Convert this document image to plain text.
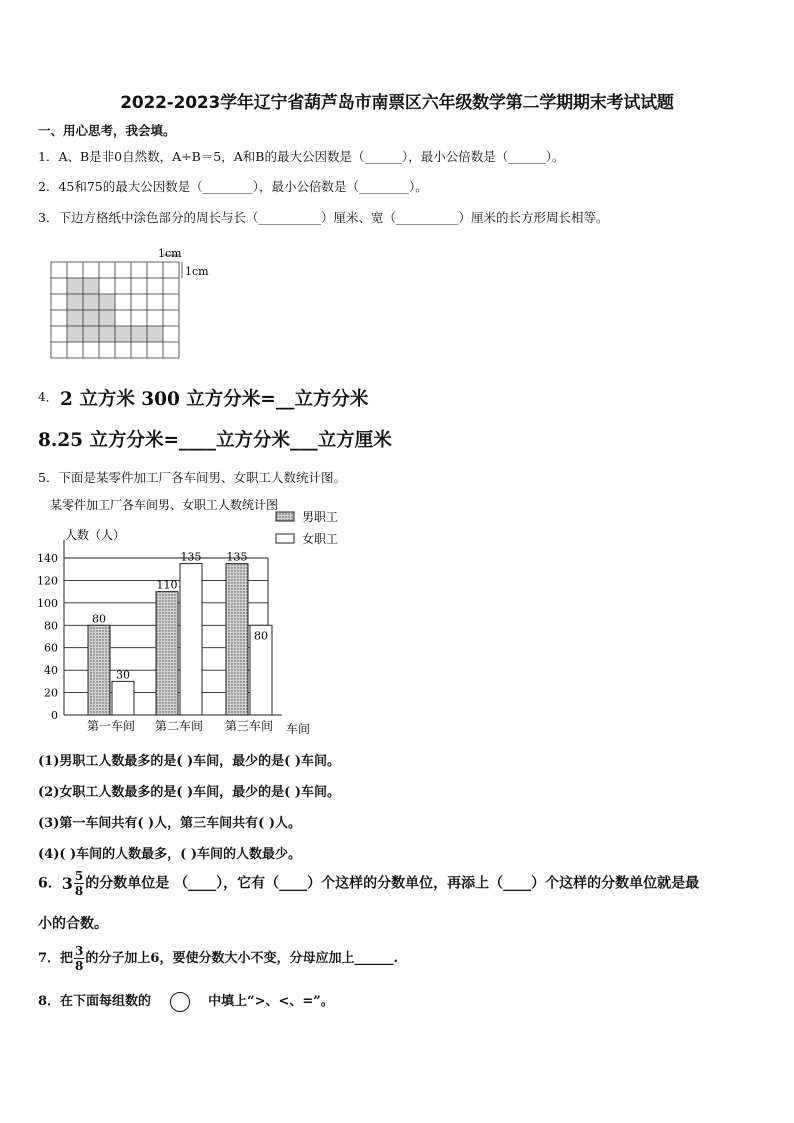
2022-2023学年辽宁省葫芦岛市南票区六年级数学第二学期期末考试试题
一、用心思考，我会填。
1．A、B是非0自然数，A÷B＝5，A和B的最大公因数是（______），最小公倍数是（______）。
2．45和75的最大公因数是（________），最小公倍数是（________）。
3．下边方格纸中涂色部分的周长与长（__________）厘米、宽（__________）厘米的长方形周长相等。
1cm
1cm
4． 2 立方米 300 立方分米=__立方分米
8.25 立方分米=____立方分米___立方厘米
5．下面是某零件加工厂各车间男、女职工人数统计图。
某零件加工厂各车间男、女职工人数统计图
人数（人）
车间
0
20
40
60
80
100
120
140
80
30
第一车间
110
135
第二车间
135
80
第三车间
男职工
女职工
(1)男职工人数最多的是( )车间，最少的是( )车间。
(2)女职工人数最多的是( )车间，最少的是( )车间。
(3)第一车间共有( )人，第三车间共有( )人。
(4)( )车间的人数最多，( )车间的人数最少。
6．$3 \frac{5}{8}$ 的分数单位是 （____），它有（____）个这样的分数单位，再添上（____）个这样的分数单位就是最
小的合数。
7．把 $\frac{3}{8}$ 的分子加上6，要使分数大小不变，分母应加上______.
8．在下面每组数的	中填上“>、<、=”。
